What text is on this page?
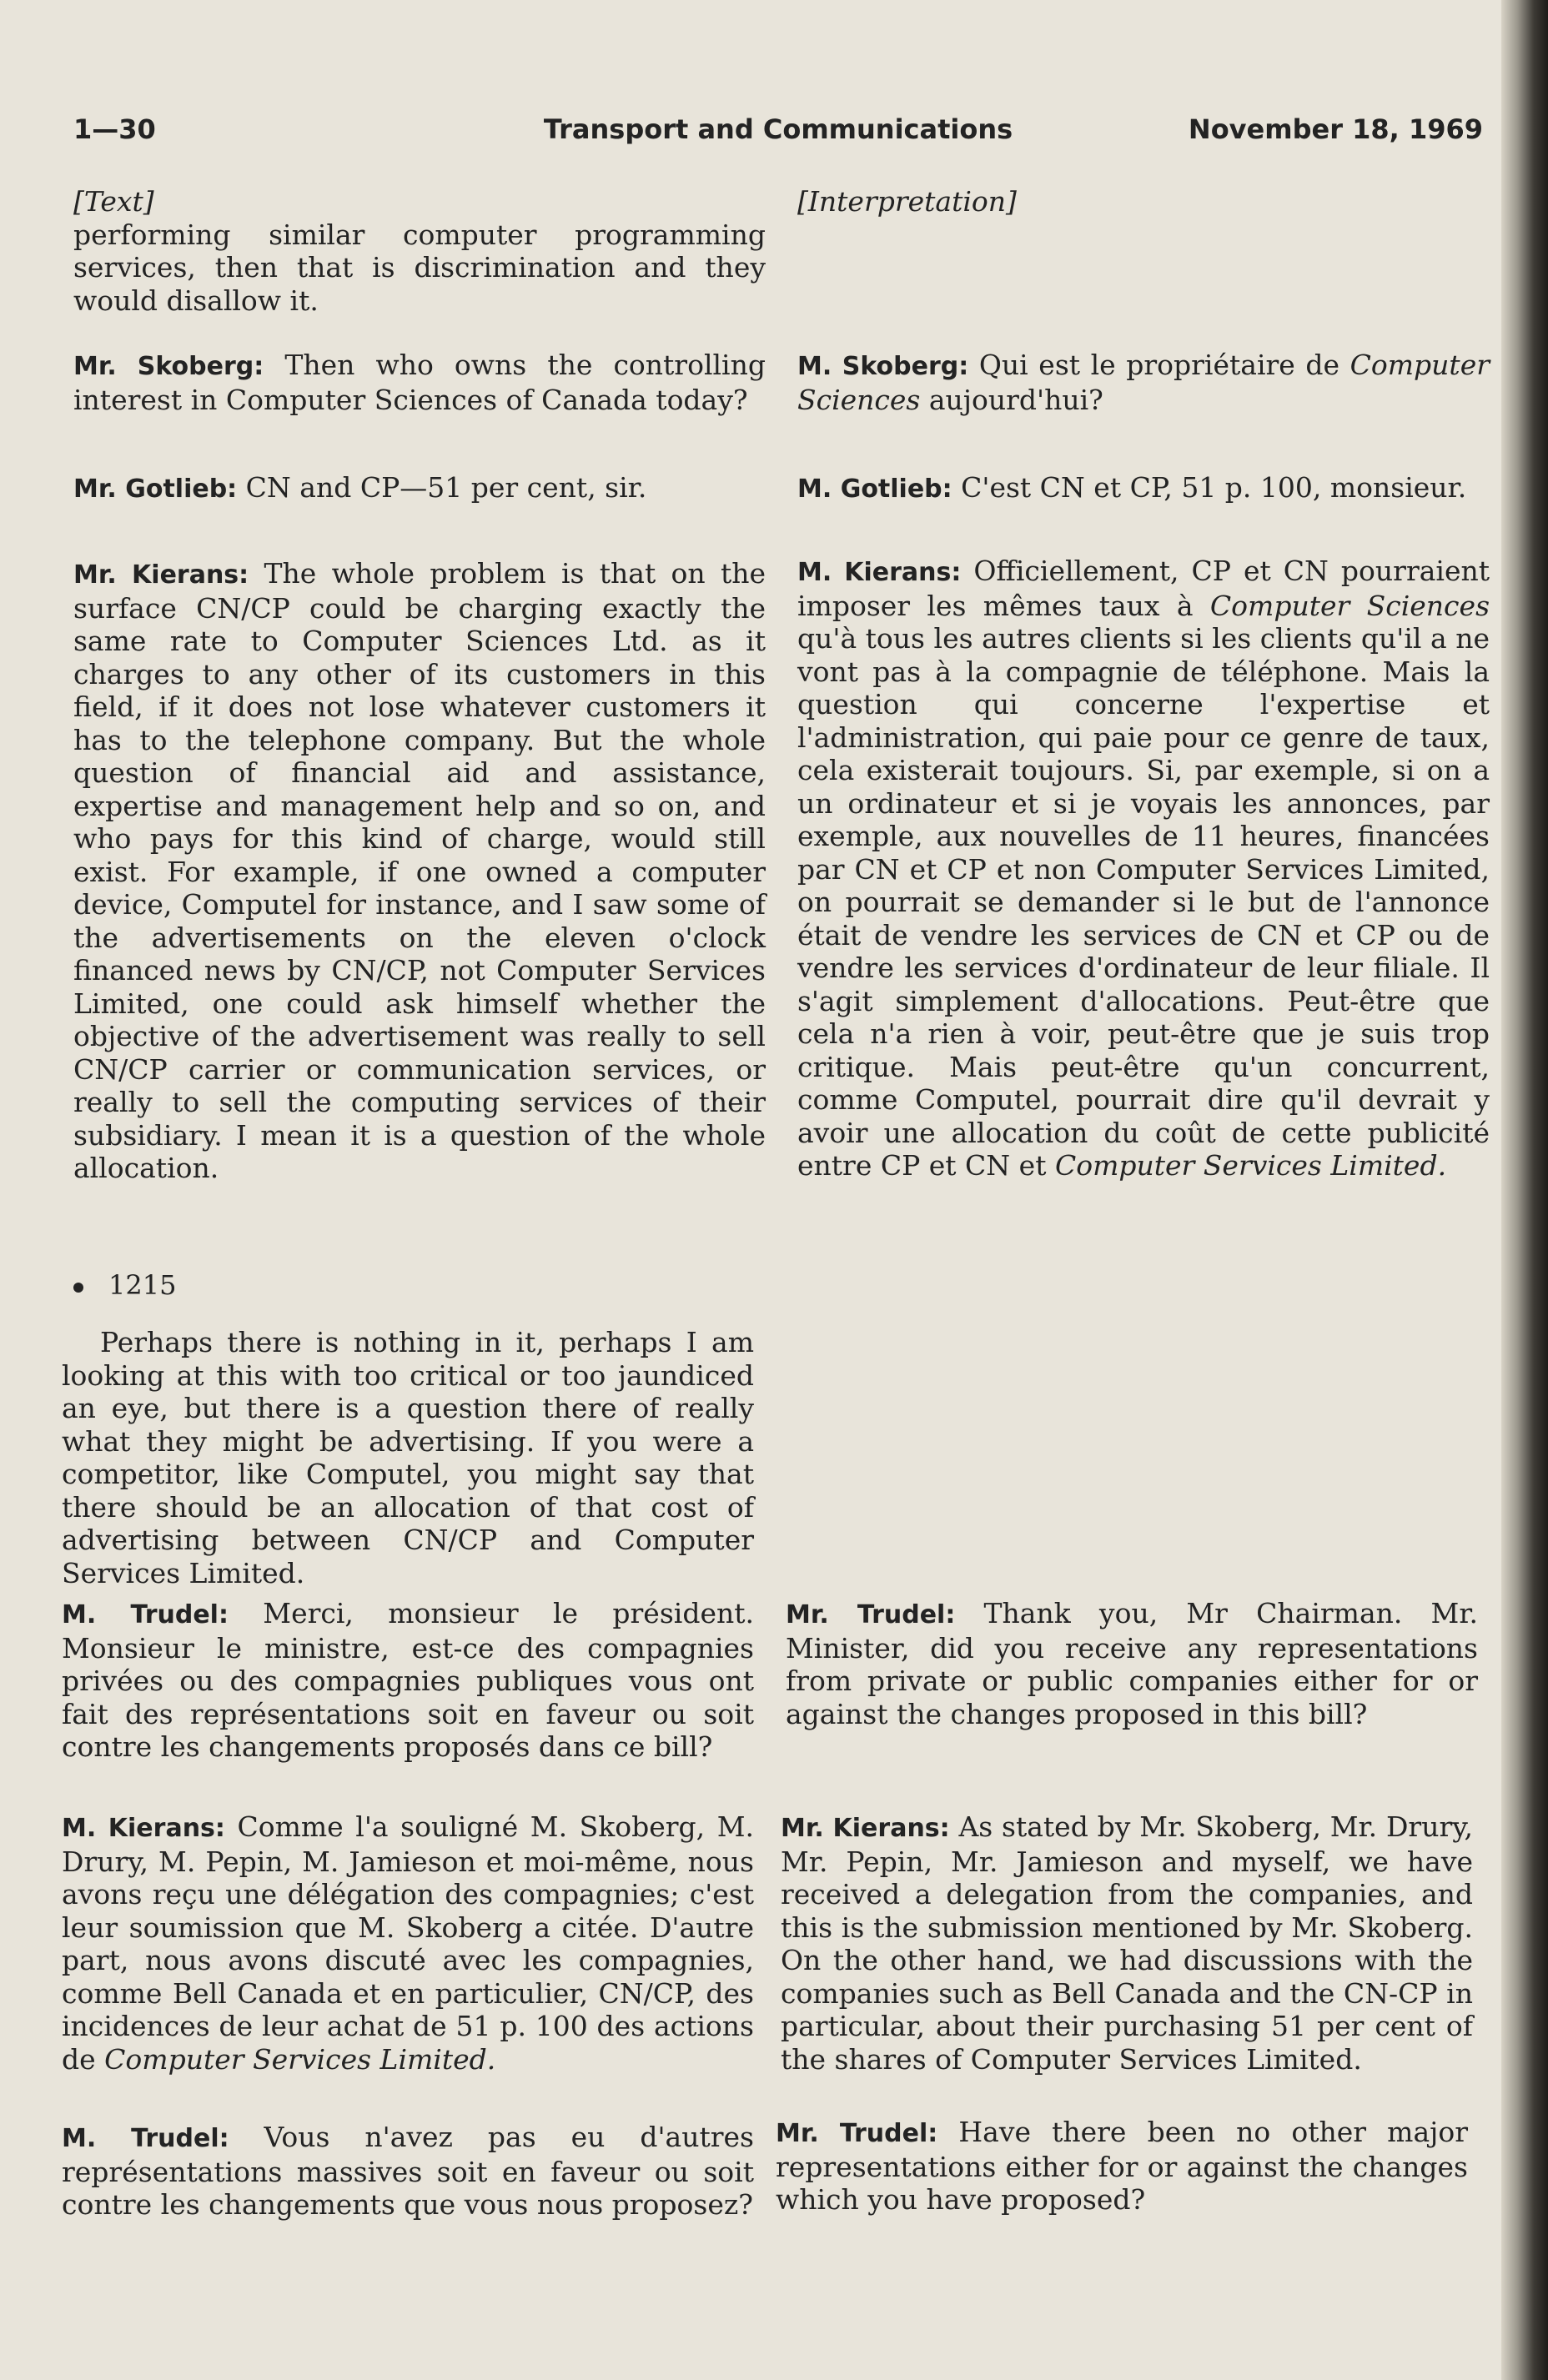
1—30	Transport and Communications	November 18, 1969
[Text]

performing similar computer programming services, then that is discrimination and they would disallow it.

Mr. Skoberg: Then who owns the controlling interest in Computer Sciences of Canada today?

Mr. Gotlieb: CN and CP—51 per cent, sir.

Mr. Kierans: The whole problem is that on the surface CN/CP could be charging exactly the same rate to Computer Sciences Ltd. as it charges to any other of its customers in this field, if it does not lose whatever customers it has to the telephone company. But the whole question of financial aid and assistance, expertise and management help and so on, and who pays for this kind of charge, would still exist. For example, if one owned a computer device, Computel for instance, and I saw some of the advertisements on the eleven o'clock financed news by CN/CP, not Computer Services Limited, one could ask himself whether the objective of the advertisement was really to sell CN/CP carrier or communication services, or really to sell the computing services of their subsidiary. I mean it is a question of the whole allocation.

1215

Perhaps there is nothing in it, perhaps I am looking at this with too critical or too jaundiced an eye, but there is a question there of really what they might be advertising. If you were a competitor, like Computel, you might say that there should be an allocation of that cost of advertising between CN/CP and Computer Services Limited.

M. Trudel: Merci, monsieur le président. Monsieur le ministre, est-ce des compagnies privées ou des compagnies publiques vous ont fait des représentations soit en faveur ou soit contre les changements proposés dans ce bill?

M. Kierans: Comme l'a souligné M. Skoberg, M. Drury, M. Pepin, M. Jamieson et moi-même, nous avons reçu une délégation des compagnies; c'est leur soumission que M. Skoberg a citée. D'autre part, nous avons discuté avec les compagnies, comme Bell Canada et en particulier, CN/CP, des incidences de leur achat de 51 p. 100 des actions de Computer Services Limited.

M. Trudel: Vous n'avez pas eu d'autres représentations massives soit en faveur ou soit contre les changements que vous nous proposez?

[Interpretation]

M. Skoberg: Qui est le propriétaire de Computer Sciences aujourd'hui?

M. Gotlieb: C'est CN et CP, 51 p. 100, monsieur.

M. Kierans: Officiellement, CP et CN pourraient imposer les mêmes taux à Computer Sciences qu'à tous les autres clients si les clients qu'il a ne vont pas à la compagnie de téléphone. Mais la question qui concerne l'expertise et l'administration, qui paie pour ce genre de taux, cela existerait toujours. Si, par exemple, si on a un ordinateur et si je voyais les annonces, par exemple, aux nouvelles de 11 heures, financées par CN et CP et non Computer Services Limited, on pourrait se demander si le but de l'annonce était de vendre les services de CN et CP ou de vendre les services d'ordinateur de leur filiale. Il s'agit simplement d'allocations. Peut-être que cela n'a rien à voir, peut-être que je suis trop critique. Mais peut-être qu'un concurrent, comme Computel, pourrait dire qu'il devrait y avoir une allocation du coût de cette publicité entre CP et CN et Computer Services Limited.

Mr. Trudel: Thank you, Mr Chairman. Mr. Minister, did you receive any representations from private or public companies either for or against the changes proposed in this bill?

Mr. Kierans: As stated by Mr. Skoberg, Mr. Drury, Mr. Pepin, Mr. Jamieson and myself, we have received a delegation from the companies, and this is the submission mentioned by Mr. Skoberg. On the other hand, we had discussions with the companies such as Bell Canada and the CN-CP in particular, about their purchasing 51 per cent of the shares of Computer Services Limited.

Mr. Trudel: Have there been no other major representations either for or against the changes which you have proposed?
